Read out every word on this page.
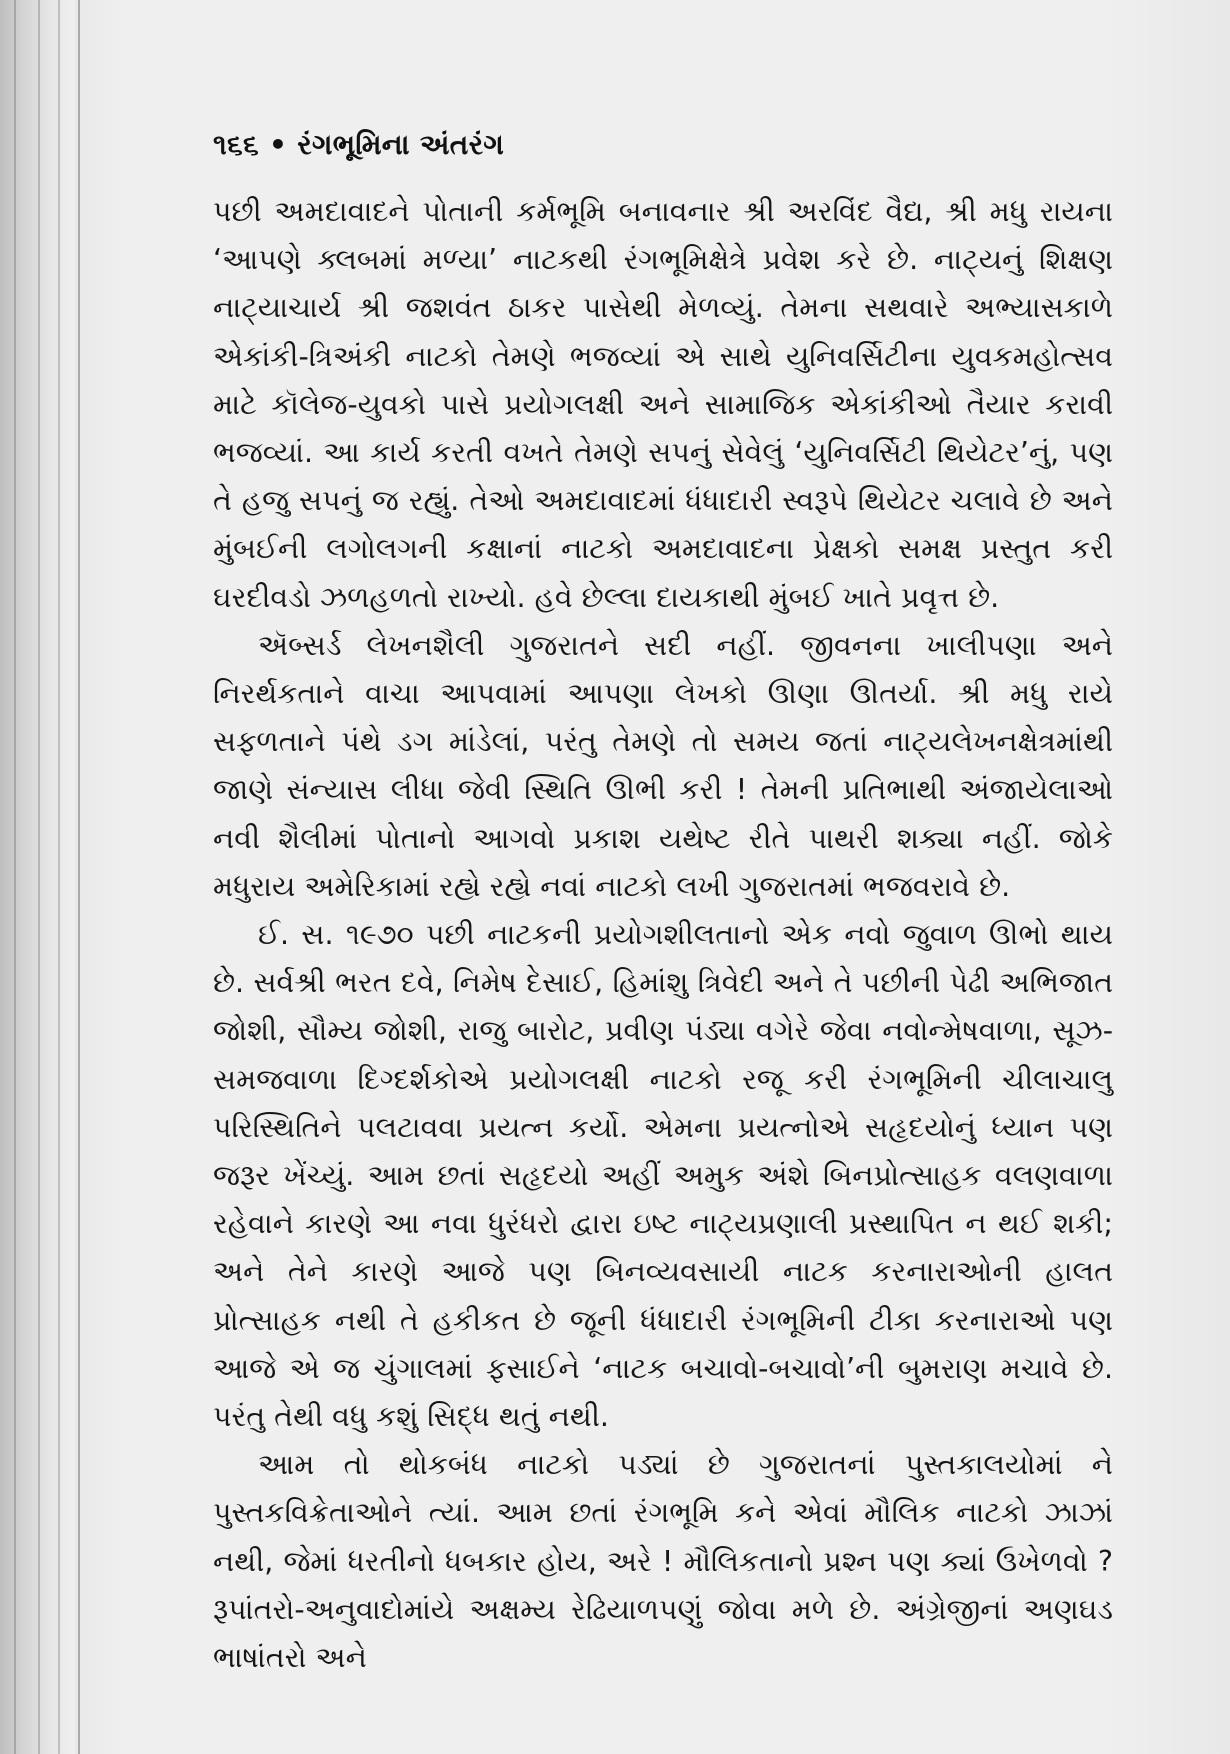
૧૬૬ • રંગભૂમિના અંતરંગ

પછી અમદાવાદને પોતાની કર્મભૂમિ બનાવનાર શ્રી અરવિંદ વૈદ્ય, શ્રી મધુ રાયના ‘આપણે ક્લબમાં મળ્યા’ નાટકથી રંગભૂમિક્ષેત્રે પ્રવેશ કરે છે. નાટ્યનું શિક્ષણ નાટ્યાચાર્ય શ્રી જશવંત ઠાકર પાસેથી મેળવ્યું. તેમના સથવારે અભ્યાસકાળે એકાંકી-ત્રિઅંકી નાટકો તેમણે ભજવ્યાં એ સાથે યુનિવર્સિટીના યુવકમહોત્સવ માટે કૉલેજ-યુવકો પાસે પ્રયોગલક્ષી અને સામાજિક એકાંકીઓ તૈયાર કરાવી ભજવ્યાં. આ કાર્ય કરતી વખતે તેમણે સપનું સેવેલું ‘યુનિવર્સિટી થિયેટર’નું, પણ તે હજુ સપનું જ રહ્યું. તેઓ અમદાવાદમાં ધંધાદારી સ્વરૂપે થિયેટર ચલાવે છે અને મુંબઈની લગોલગની કક્ષાનાં નાટકો અમદાવાદના પ્રેક્ષકો સમક્ષ પ્રસ્તુત કરી ઘરદીવડો ઝળહળતો રાખ્યો. હવે છેલ્લા દાયકાથી મુંબઈ ખાતે પ્રવૃત્ત છે.

ઍબ્સર્ડ લેખનશૈલી ગુજરાતને સદી નહીં. જીવનના ખાલીપણા અને નિરર્થકતાને વાચા આપવામાં આપણા લેખકો ઊણા ઊતર્યા. શ્રી મધુ રાયે સફળતાને પંથે ડગ માંડેલાં, પરંતુ તેમણે તો સમય જતાં નાટ્યલેખનક્ષેત્રમાંથી જાણે સંન્યાસ લીધા જેવી સ્થિતિ ઊભી કરી ! તેમની પ્રતિભાથી અંજાયેલાઓ નવી શૈલીમાં પોતાનો આગવો પ્રકાશ યથેષ્ટ રીતે પાથરી શક્યા નહીં. જોકે મધુરાય અમેરિકામાં રહ્યે રહ્યે નવાં નાટકો લખી ગુજરાતમાં ભજવરાવે છે.

ઈ. સ. ૧૯૭૦ પછી નાટકની પ્રયોગશીલતાનો એક નવો જુવાળ ઊભો થાય છે. સર્વશ્રી ભરત દવે, નિમેષ દેસાઈ, હિમાંશુ ત્રિવેદી અને તે પછીની પેઢી અભિજાત જોશી, સૌમ્ય જોશી, રાજુ બારોટ, પ્રવીણ પંડ્યા વગેરે જેવા નવોન્મેષવાળા, સૂઝ-સમજવાળા દિગ્દર્શકોએ પ્રયોગલક્ષી નાટકો રજૂ કરી રંગભૂમિની ચીલાચાલુ પરિસ્થિતિને પલટાવવા પ્રયત્ન કર્યો. એમના પ્રયત્નોએ સહૃદયોનું ધ્યાન પણ જરૂર ખેંચ્યું. આમ છતાં સહૃદયો અહીં અમુક અંશે બિનપ્રોત્સાહક વલણવાળા રહેવાને કારણે આ નવા ધુરંધરો દ્વારા ઇષ્ટ નાટ્યપ્રણાલી પ્રસ્થાપિત ન થઈ શકી; અને તેને કારણે આજે પણ બિનવ્યવસાયી નાટક કરનારાઓની હાલત પ્રોત્સાહક નથી તે હકીકત છે જૂની ધંધાદારી રંગભૂમિની ટીકા કરનારાઓ પણ આજે એ જ ચુંગાલમાં ફસાઈને ‘નાટક બચાવો-બચાવો’ની બુમરાણ મચાવે છે. પરંતુ તેથી વધુ કશું સિદ્ધ થતું નથી.

આમ તો થોકબંધ નાટકો પડ્યાં છે ગુજરાતનાં પુસ્તકાલયોમાં ને પુસ્તકવિક્રેતાઓને ત્યાં. આમ છતાં રંગભૂમિ કને એવાં મૌલિક નાટકો ઝાઝાં નથી, જેમાં ધરતીનો ધબકાર હોય, અરે ! મૌલિકતાનો પ્રશ્ન પણ ક્યાં ઉખેળવો ? રૂપાંતરો-અનુવાદોમાંયે અક્ષમ્ય રેઢિયાળપણું જોવા મળે છે. અંગ્રેજીનાં અણઘડ ભાષાંતરો અને
